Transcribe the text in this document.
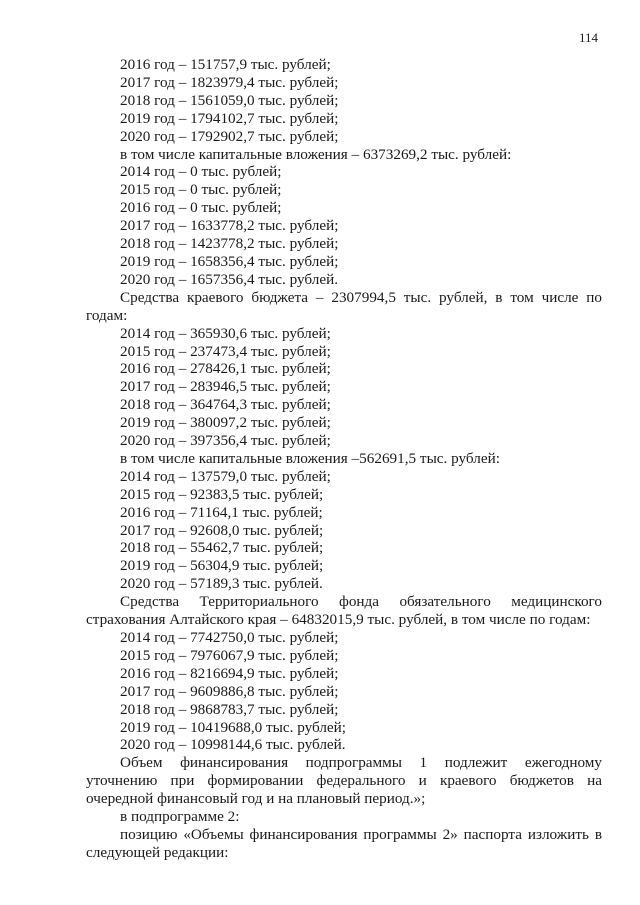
114
2016 год – 151757,9 тыс. рублей;
2017 год – 1823979,4 тыс. рублей;
2018 год – 1561059,0 тыс. рублей;
2019 год – 1794102,7 тыс. рублей;
2020 год – 1792902,7 тыс. рублей;
в том числе капитальные вложения – 6373269,2 тыс. рублей:
2014 год – 0 тыс. рублей;
2015 год – 0 тыс. рублей;
2016 год – 0 тыс. рублей;
2017 год – 1633778,2 тыс. рублей;
2018 год – 1423778,2 тыс. рублей;
2019 год – 1658356,4 тыс. рублей;
2020 год – 1657356,4 тыс. рублей.
Средства краевого бюджета – 2307994,5 тыс. рублей, в том числе по годам:
2014 год – 365930,6 тыс. рублей;
2015 год – 237473,4 тыс. рублей;
2016 год – 278426,1 тыс. рублей;
2017 год – 283946,5 тыс. рублей;
2018 год – 364764,3 тыс. рублей;
2019 год – 380097,2 тыс. рублей;
2020 год – 397356,4 тыс. рублей;
в том числе капитальные вложения –562691,5 тыс. рублей:
2014 год – 137579,0 тыс. рублей;
2015 год – 92383,5 тыс. рублей;
2016 год – 71164,1 тыс. рублей;
2017 год – 92608,0 тыс. рублей;
2018 год – 55462,7 тыс. рублей;
2019 год – 56304,9 тыс. рублей;
2020 год – 57189,3 тыс. рублей.
Средства Территориального фонда обязательного медицинского страхования Алтайского края – 64832015,9 тыс. рублей, в том числе по годам:
2014 год – 7742750,0 тыс. рублей;
2015 год – 7976067,9 тыс. рублей;
2016 год – 8216694,9 тыс. рублей;
2017 год – 9609886,8 тыс. рублей;
2018 год – 9868783,7 тыс. рублей;
2019 год – 10419688,0 тыс. рублей;
2020 год – 10998144,6 тыс. рублей.
Объем финансирования подпрограммы 1 подлежит ежегодному уточнению при формировании федерального и краевого бюджетов на очередной финансовый год и на плановый период.»;
в подпрограмме 2:
позицию «Объемы финансирования программы 2» паспорта изложить в следующей редакции:
